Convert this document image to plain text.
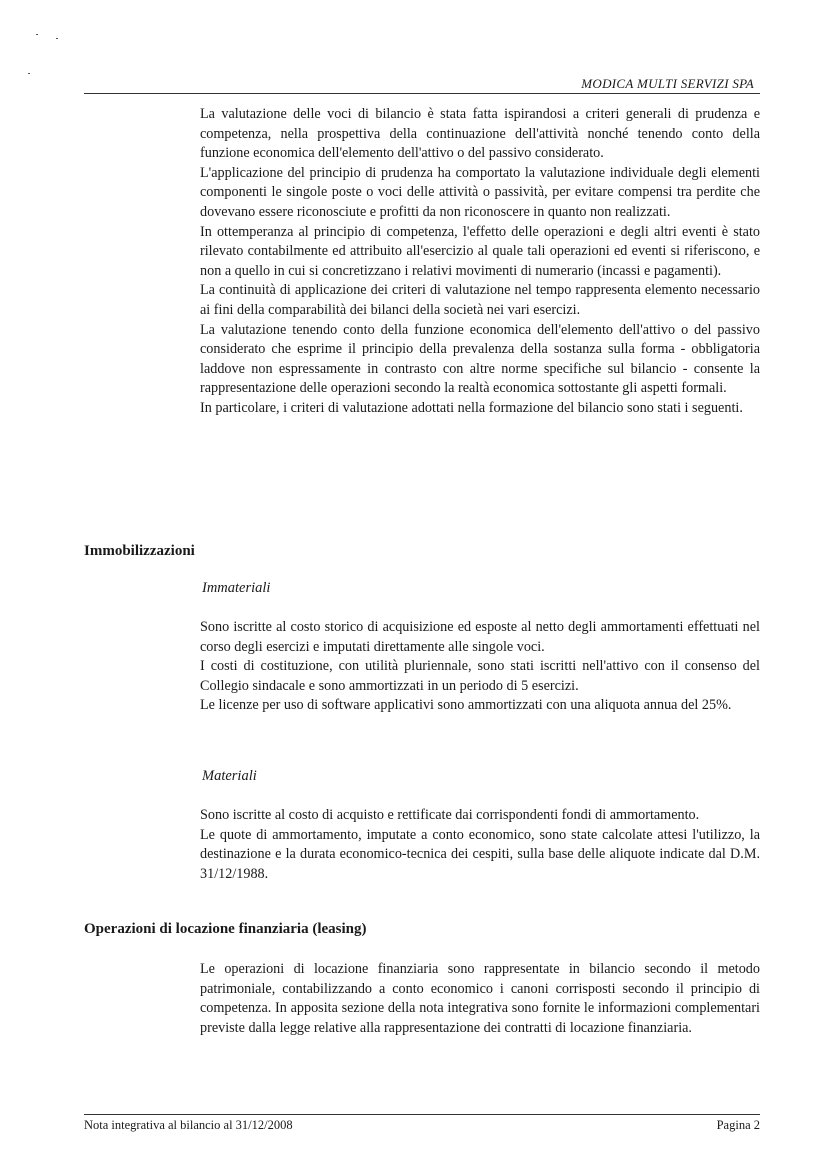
MODICA MULTI SERVIZI SPA

La valutazione delle voci di bilancio è stata fatta ispirandosi a criteri generali di prudenza e competenza, nella prospettiva della continuazione dell'attività nonché tenendo conto della funzione economica dell'elemento dell'attivo o del passivo considerato.

L'applicazione del principio di prudenza ha comportato la valutazione individuale degli elementi componenti le singole poste o voci delle attività o passività, per evitare compensi tra perdite che dovevano essere riconosciute e profitti da non riconoscere in quanto non realizzati.

In ottemperanza al principio di competenza, l'effetto delle operazioni e degli altri eventi è stato rilevato contabilmente ed attribuito all'esercizio al quale tali operazioni ed eventi si riferiscono, e non a quello in cui si concretizzano i relativi movimenti di numerario (incassi e pagamenti).

La continuità di applicazione dei criteri di valutazione nel tempo rappresenta elemento necessario ai fini della comparabilità dei bilanci della società nei vari esercizi.

La valutazione tenendo conto della funzione economica dell'elemento dell'attivo o del passivo considerato che esprime il principio della prevalenza della sostanza sulla forma - obbligatoria laddove non espressamente in contrasto con altre norme specifiche sul bilancio - consente la rappresentazione delle operazioni secondo la realtà economica sottostante gli aspetti formali.

In particolare, i criteri di valutazione adottati nella formazione del bilancio sono stati i seguenti.

Immobilizzazioni
Immateriali

Sono iscritte al costo storico di acquisizione ed esposte al netto degli ammortamenti effettuati nel corso degli esercizi e imputati direttamente alle singole voci.

I costi di costituzione, con utilità pluriennale, sono stati iscritti nell'attivo con il consenso del Collegio sindacale e sono ammortizzati in un periodo di 5 esercizi.

Le licenze per uso di software applicativi sono ammortizzati con una aliquota annua del 25%.

Materiali

Sono iscritte al costo di acquisto e rettificate dai corrispondenti fondi di ammortamento.

Le quote di ammortamento, imputate a conto economico, sono state calcolate attesi l'utilizzo, la destinazione e la durata economico-tecnica dei cespiti, sulla base delle aliquote indicate dal D.M. 31/12/1988.

Operazioni di locazione finanziaria (leasing)

Le operazioni di locazione finanziaria sono rappresentate in bilancio secondo il metodo patrimoniale, contabilizzando a conto economico i canoni corrisposti secondo il principio di competenza. In apposita sezione della nota integrativa sono fornite le informazioni complementari previste dalla legge relative alla rappresentazione dei contratti di locazione finanziaria.

Nota integrativa al bilancio al 31/12/2008	Pagina 2
